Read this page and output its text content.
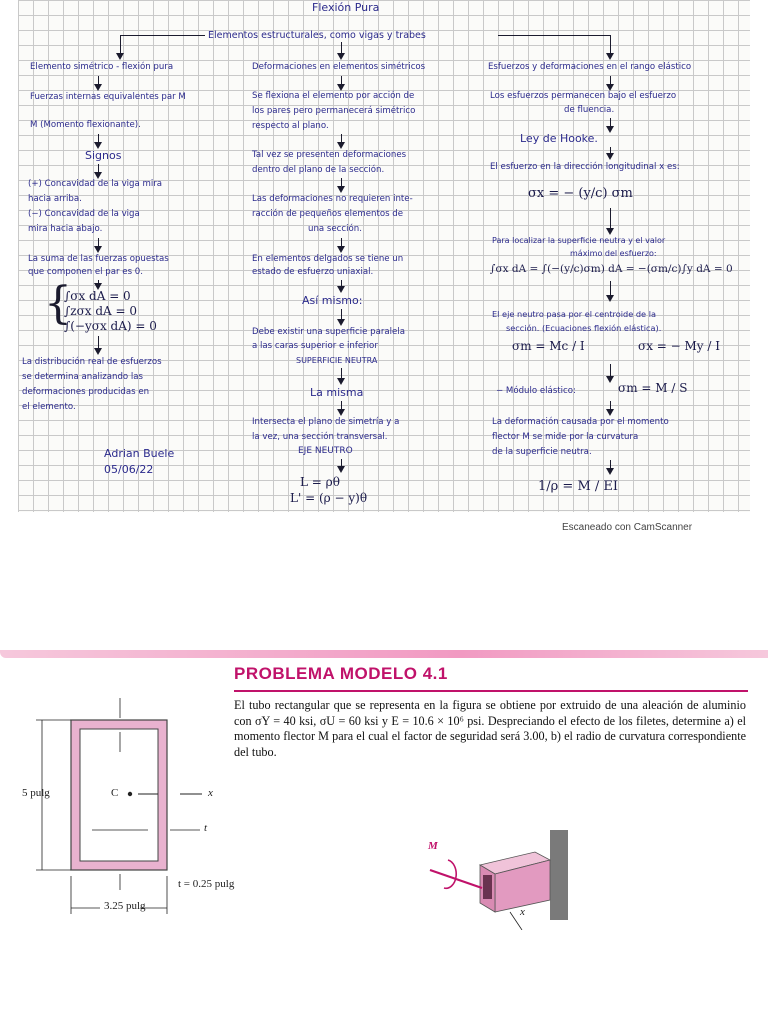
Flexión Pura
Elementos estructurales, como vigas y trabes
Elemento simétrico - flexión pura
Fuerzas internas equivalentes par M
M (Momento flexionante).
Signos
(+) Concavidad de la viga mira
hacia arriba.
(−) Concavidad de la viga
mira hacia abajo.
La suma de las fuerzas opuestas
que componen el par es 0.
{
∫σx dA = 0
∫zσx dA = 0
∫(−yσx dA) = 0
La distribución real de esfuerzos
se determina analizando las
deformaciones producidas en
el elemento.
Adrian Buele
05/06/22
Deformaciones en elementos simétricos
Se flexiona el elemento por acción de
los pares pero permanecerá simétrico
respecto al plano.
Tal vez se presenten deformaciones
dentro del plano de la sección.
Las deformaciones no requieren inte-
racción de pequeños elementos de
una sección.
En elementos delgados se tiene un
estado de esfuerzo uniaxial.
Así mismo:
Debe existir una superficie paralela
a las caras superior e inferior
SUPERFICIE NEUTRA
La misma
Intersecta el plano de simetría y a
la vez, una sección transversal.
EJE NEUTRO
L = ρθ
L' = (ρ − y)θ
Esfuerzos y deformaciones en el rango elástico
Los esfuerzos permanecen bajo el esfuerzo
de fluencia.
Ley de Hooke.
El esfuerzo en la dirección longitudinal x es:
σx = − (y/c) σm
Para localizar la superficie neutra y el valor
máximo del esfuerzo:
∫σx dA = ∫(−(y/c)σm) dA = −(σm/c)∫y dA = 0
El eje neutro pasa por el centroide de la
sección. (Ecuaciones flexión elástica).
σm = Mc / I	σx = − My / I
− Módulo elástico:	σm = M / S
La deformación causada por el momento
flector M se mide por la curvatura
de la superficie neutra.
1/ρ = M / EI
Escaneado con CamScanner
PROBLEMA MODELO 4.1
El tubo rectangular que se representa en la figura se obtiene por extruido de una aleación de aluminio con σY = 40 ksi, σU = 60 ksi y E = 10.6 × 10⁶ psi. Despreciando el efecto de los filetes, determine a) el momento flector M para el cual el factor de seguridad será 3.00, b) el radio de curvatura correspondiente del tubo.
5 pulg	C	x
t
t = 0.25 pulg
3.25 pulg
M
x
